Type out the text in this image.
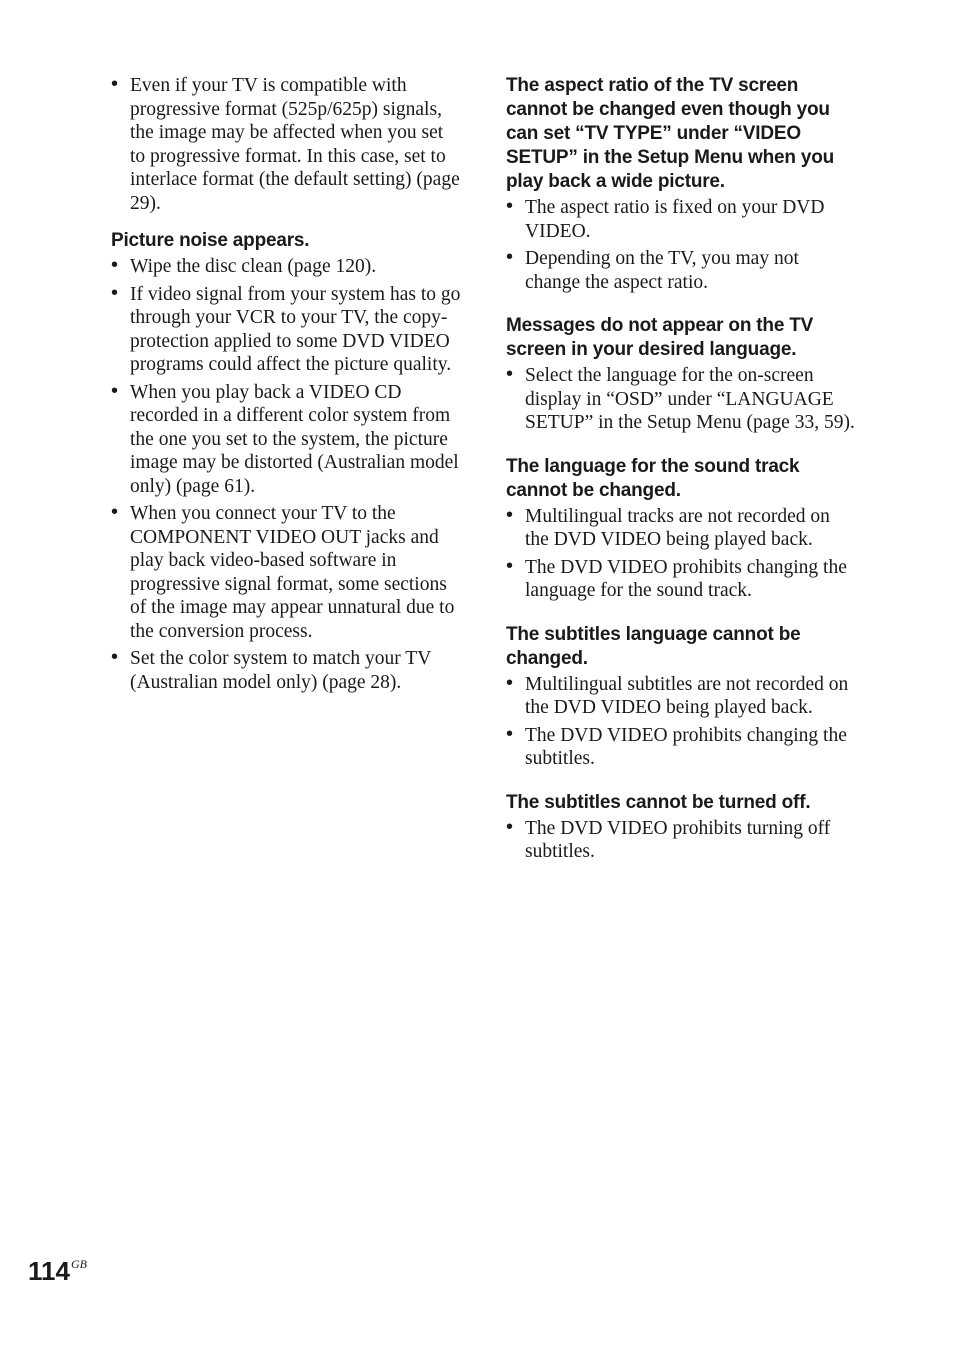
• Even if your TV is compatible with progressive format (525p/625p) signals, the image may be affected when you set to progressive format. In this case, set to interlace format (the default setting) (page 29).
Picture noise appears.
• Wipe the disc clean (page 120).
• If video signal from your system has to go through your VCR to your TV, the copy-protection applied to some DVD VIDEO programs could affect the picture quality.
• When you play back a VIDEO CD recorded in a different color system from the one you set to the system, the picture image may be distorted (Australian model only) (page 61).
• When you connect your TV to the COMPONENT VIDEO OUT jacks and play back video-based software in progressive signal format, some sections of the image may appear unnatural due to the conversion process.
• Set the color system to match your TV (Australian model only) (page 28).
The aspect ratio of the TV screen cannot be changed even though you can set “TV TYPE” under “VIDEO SETUP” in the Setup Menu when you play back a wide picture.
• The aspect ratio is fixed on your DVD VIDEO.
• Depending on the TV, you may not change the aspect ratio.
Messages do not appear on the TV screen in your desired language.
• Select the language for the on-screen display in “OSD” under “LANGUAGE SETUP” in the Setup Menu (page 33, 59).
The language for the sound track cannot be changed.
• Multilingual tracks are not recorded on the DVD VIDEO being played back.
• The DVD VIDEO prohibits changing the language for the sound track.
The subtitles language cannot be changed.
• Multilingual subtitles are not recorded on the DVD VIDEO being played back.
• The DVD VIDEO prohibits changing the subtitles.
The subtitles cannot be turned off.
• The DVD VIDEO prohibits turning off subtitles.
$114^{GB}$
